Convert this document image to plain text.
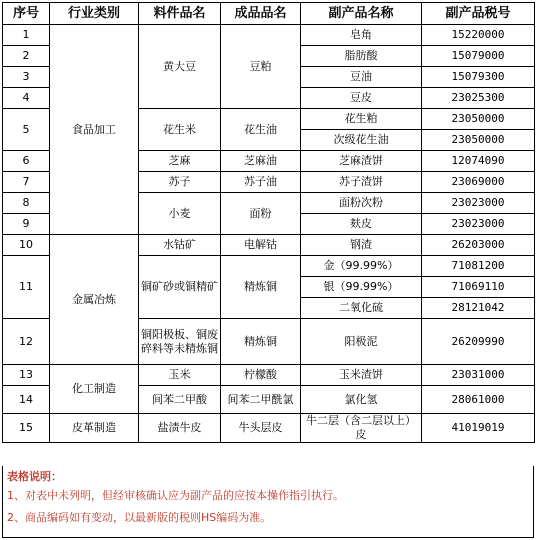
序号	行业类别	料件品名	成品品名	副产品名称	副产品税号
1	食品加工	黄大豆	豆粕	皂角	15220000
2				脂肪酸	15079000
3				豆油	15079300
4				豆皮	23025300
5		花生米	花生油	花生粕	23050000
				次级花生油	23050000
6		芝麻	芝麻油	芝麻渣饼	12074090
7		苏子	苏子油	苏子渣饼	23069000
8		小麦	面粉	面粉次粉	23023000
9				麸皮	23023000
10	金属冶炼	水钴矿	电解钴	钢渣	26203000
11		铜矿砂或铜精矿	精炼铜	金（99.99%）	71081200
				银（99.99%）	71069110
				二氧化硫	28121042
12		铜阳极板、铜废碎料等未精炼铜	精炼铜	阳极泥	26209990
13	化工制造	玉米	柠檬酸	玉米渣饼	23031000
14		间苯二甲酸	间苯二甲酰氯	氯化氢	28061000
15	皮革制造	盐渍牛皮	牛头层皮	牛二层（含二层以上）皮	41019019
表格说明：
1、对表中未列明，但经审核确认应为副产品的应按本操作指引执行。
2、商品编码如有变动，以最新版的税则HS编码为准。
